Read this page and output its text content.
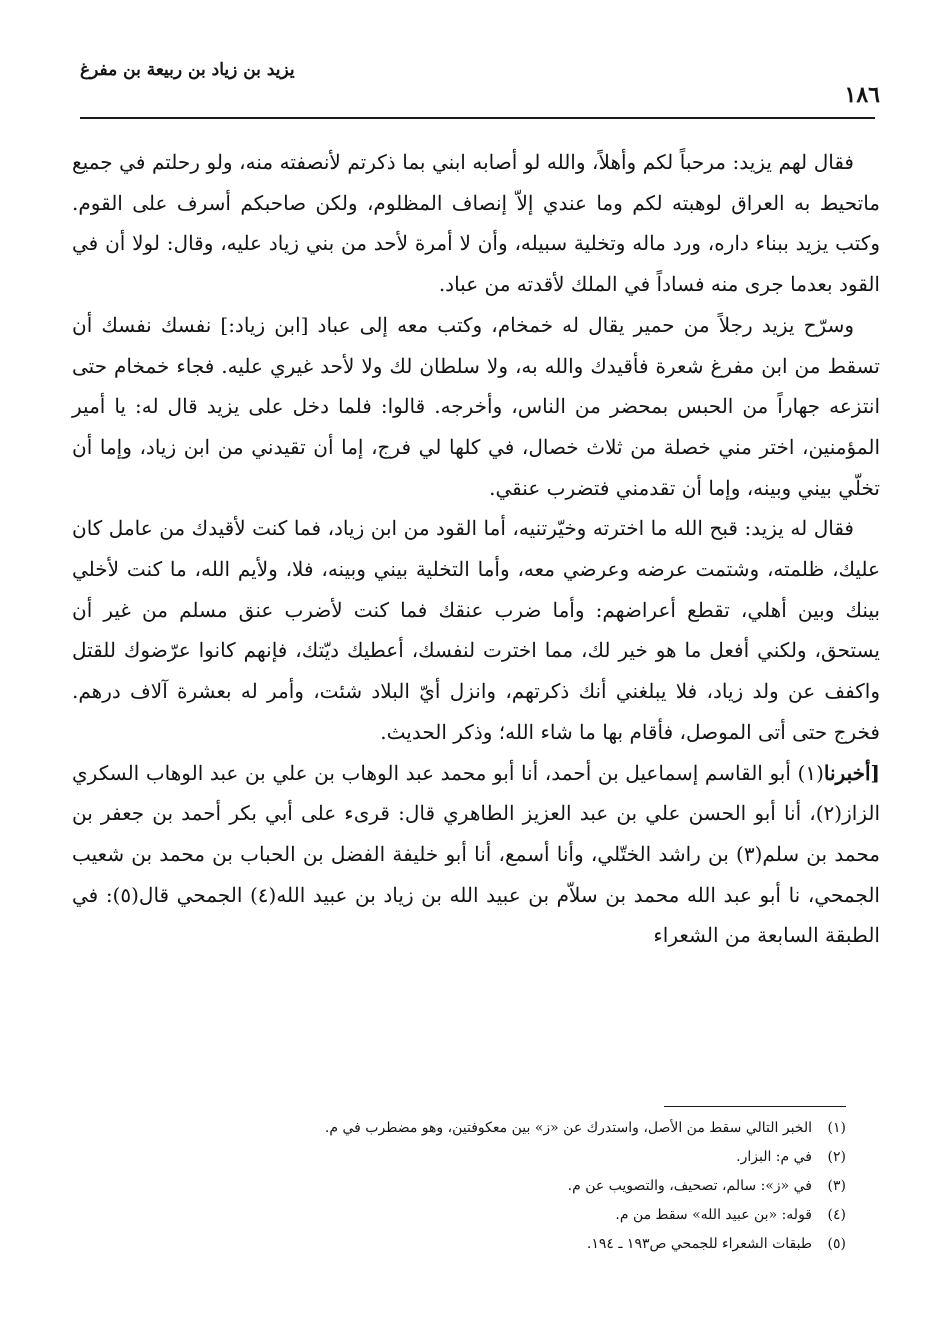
يزيد بن زياد بن ربيعة بن مفرغ
١٨٦

فقال لهم يزيد: مرحباً لكم وأهلاً، والله لو أصابه ابني بما ذكرتم لأنصفته منه، ولو رحلتم في جميع ماتحيط به العراق لوهبته لكم وما عندي إلاّ إنصاف المظلوم، ولكن صاحبكم أسرف على القوم. وكتب يزيد ببناء داره، ورد ماله وتخلية سبيله، وأن لا أمرة لأحد من بني زياد عليه، وقال: لولا أن في القود بعدما جرى منه فساداً في الملك لأقدته من عباد.

وسرّح يزيد رجلاً من حمير يقال له خمخام، وكتب معه إلى عباد [ابن زياد:] نفسك نفسك أن تسقط من ابن مفرغ شعرة فأقيدك والله به، ولا سلطان لك ولا لأحد غيري عليه. فجاء خمخام حتى انتزعه جهاراً من الحبس بمحضر من الناس، وأخرجه. قالوا: فلما دخل على يزيد قال له: يا أمير المؤمنين، اختر مني خصلة من ثلاث خصال، في كلها لي فرج، إما أن تقيدني من ابن زياد، وإما أن تخلّي بيني وبينه، وإما أن تقدمني فتضرب عنقي.

فقال له يزيد: قبح الله ما اخترته وخيّرتنيه، أما القود من ابن زياد، فما كنت لأقيدك من عامل كان عليك، ظلمته، وشتمت عرضه وعرضي معه، وأما التخلية بيني وبينه، فلا، ولأيم الله، ما كنت لأخلي بينك وبين أهلي، تقطع أعراضهم: وأما ضرب عنقك فما كنت لأضرب عنق مسلم من غير أن يستحق، ولكني أفعل ما هو خير لك، مما اخترت لنفسك، أعطيك ديّتك، فإنهم كانوا عرّضوك للقتل واكفف عن ولد زياد، فلا يبلغني أنك ذكرتهم، وانزل أيّ البلاد شئت، وأمر له بعشرة آلاف درهم. فخرج حتى أتى الموصل، فأقام بها ما شاء الله؛ وذكر الحديث.

[أخبرنا(١) أبو القاسم إسماعيل بن أحمد، أنا أبو محمد عبد الوهاب بن علي بن عبد الوهاب السكري الزاز(٢)، أنا أبو الحسن علي بن عبد العزيز الطاهري قال: قرىء على أبي بكر أحمد بن جعفر بن محمد بن سلم(٣) بن راشد الختّلي، وأنا أسمع، أنا أبو خليفة الفضل بن الحباب بن محمد بن شعيب الجمحي، نا أبو عبد الله محمد بن سلاّم بن عبيد الله بن زياد بن عبيد الله(٤) الجمحي قال(٥): في الطبقة السابعة من الشعراء

(١)
الخبر التالي سقط من الأصل، واستدرك عن «ز» بين معكوفتين، وهو مضطرب في م.
(٢)
في م: البزار.
(٣)
في «ز»: سالم، تصحيف، والتصويب عن م.
(٤)
قوله: «بن عبيد الله» سقط من م.
(٥)
طبقات الشعراء للجمحي ص١٩٣ ـ ١٩٤.
